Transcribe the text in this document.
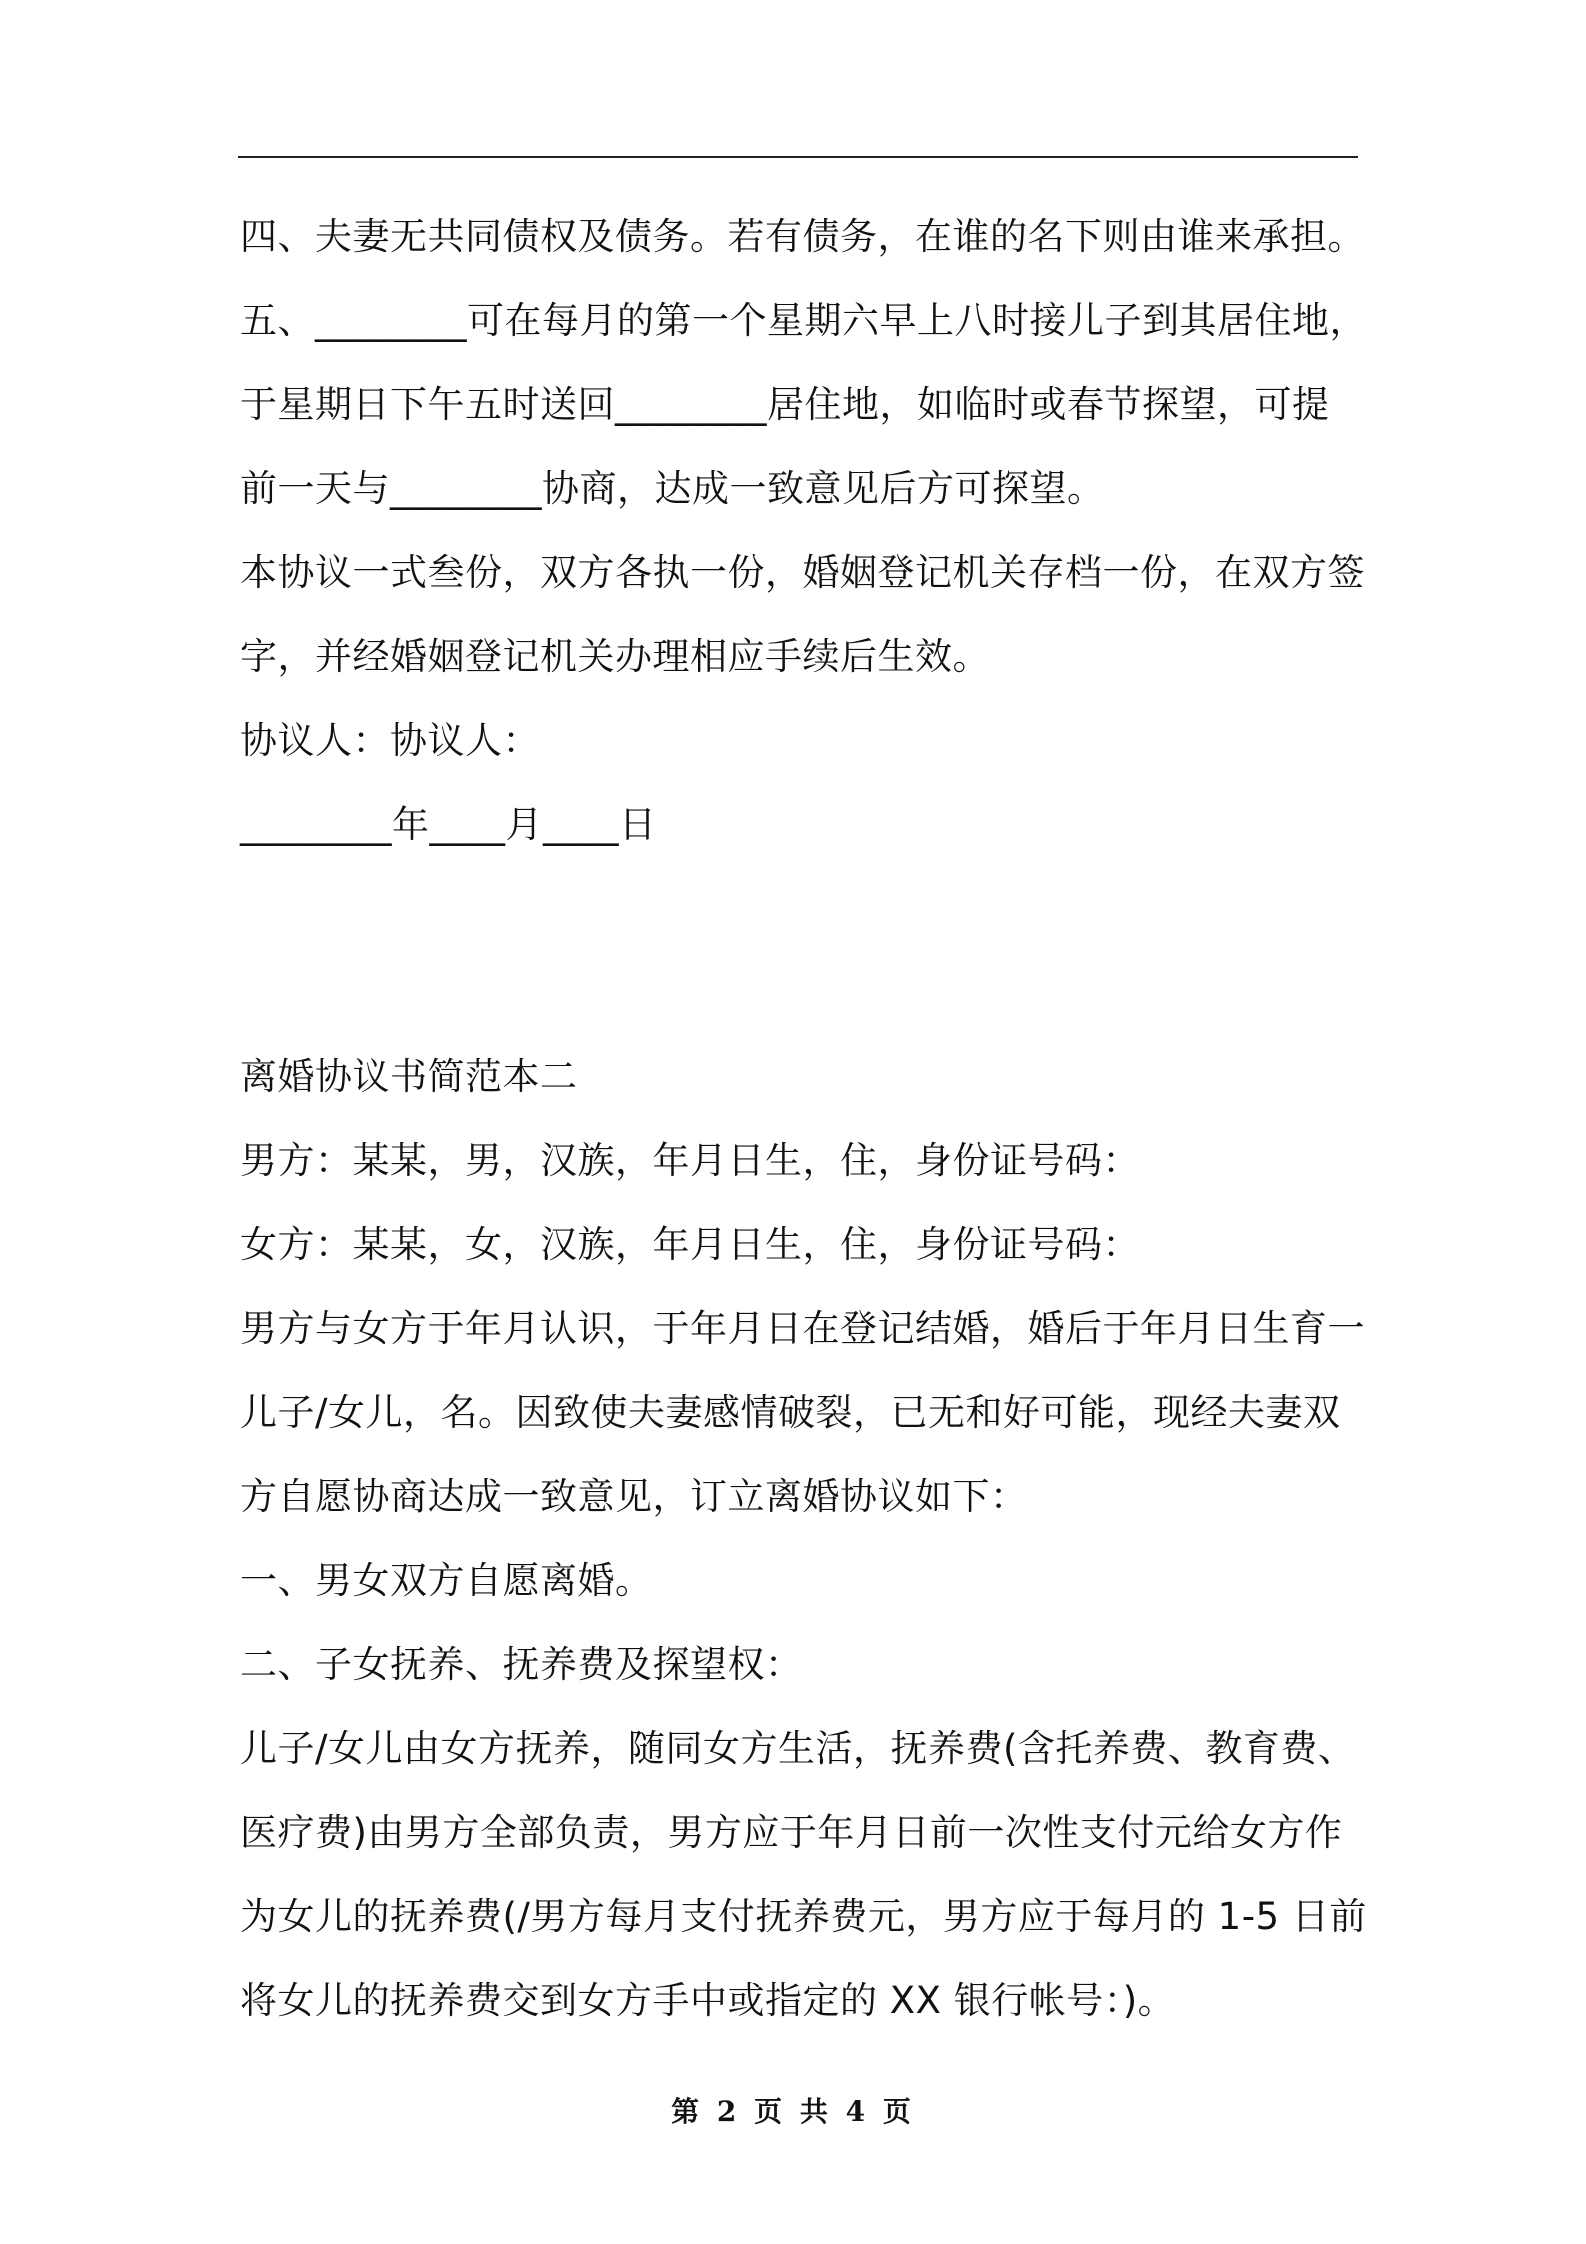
四、夫妻无共同债权及债务。若有债务，在谁的名下则由谁来承担。
五、________可在每月的第一个星期六早上八时接儿子到其居住地，
于星期日下午五时送回________居住地，如临时或春节探望，可提
前一天与________协商，达成一致意见后方可探望。
本协议一式叁份，双方各执一份，婚姻登记机关存档一份，在双方签
字，并经婚姻登记机关办理相应手续后生效。
协议人：协议人：
________年____月____日
离婚协议书简范本二
男方：某某，男，汉族，年月日生，住，身份证号码：
女方：某某，女，汉族，年月日生，住，身份证号码：
男方与女方于年月认识，于年月日在登记结婚，婚后于年月日生育一
儿子/女儿，名。因致使夫妻感情破裂，已无和好可能，现经夫妻双
方自愿协商达成一致意见，订立离婚协议如下：
一、男女双方自愿离婚。
二、子女抚养、抚养费及探望权：
儿子/女儿由女方抚养，随同女方生活，抚养费(含托养费、教育费、
医疗费)由男方全部负责，男方应于年月日前一次性支付元给女方作
为女儿的抚养费(/男方每月支付抚养费元，男方应于每月的 1-5 日前
将女儿的抚养费交到女方手中或指定的 XX 银行帐号：)。
第 2 页 共 4 页
